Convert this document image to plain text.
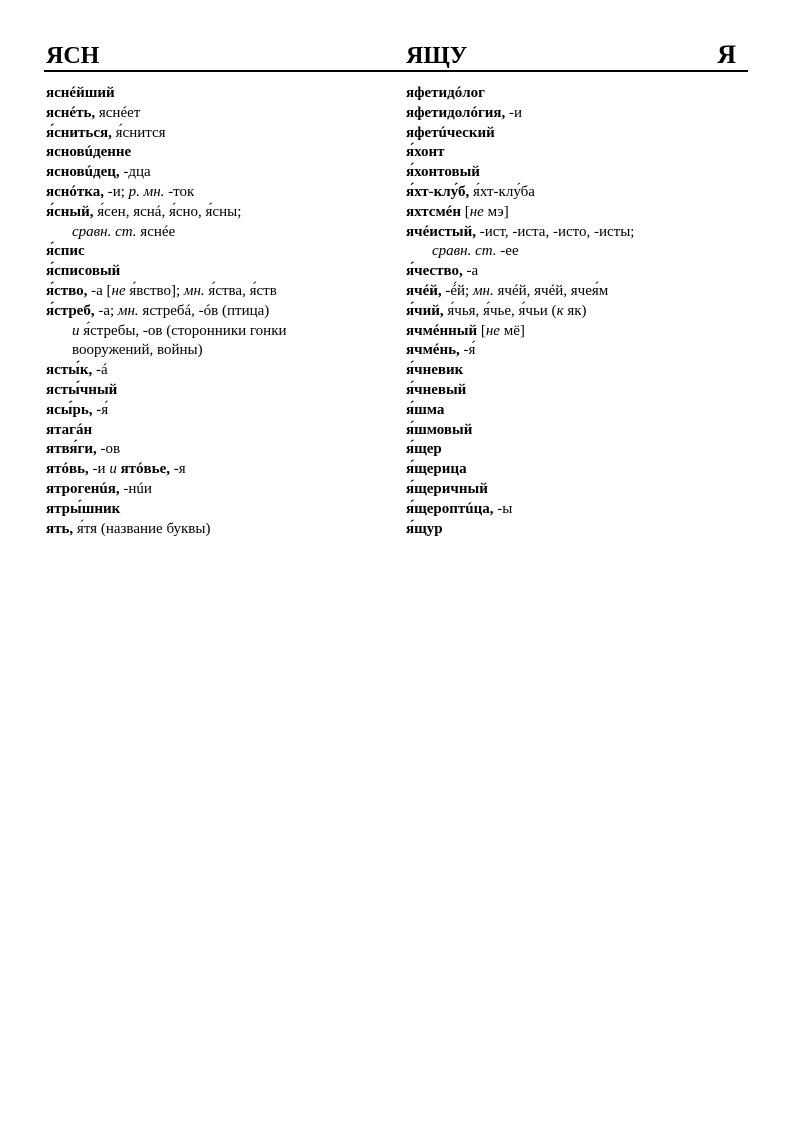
ЯСН	ЯЩУ	Я
яснéйший
яснéть, яснéет
я́сниться, я́снится
ясновúденне
ясновúдец, -дца
яснóтка, -и; р. мн. -ток
я́сный, я́сен, яснá, я́сно, я́сны;
сравн. ст. яснéе
я́спис
я́списовый
я́ство, -а [не я́вство]; мн. я́ства, я́ств
я́стреб, -а; мн. ястребá, -óв (птица)
и я́стребы, -ов (сторонники гонки
вооружений, войны)
ясты́к, -á
ясты́чный
ясы́рь, -я́
ятагáн
ятвя́ги, -ов
ятóвь, -и и ятóвье, -я
ятрогенúя, -нúи
ятры́шник
ять, я́тя (название буквы)
яфетидóлог
яфетидолóгия, -и
яфетúческий
я́хонт
я́хонтовый
я́хт-клу́б, я́хт-клу́ба
яхтсмéн [не мэ]
ячéистый, -ист, -иста, -исто, -исты;
сравн. ст. -ее
я́чество, -а
ячéй, -é́й; мн. ячéй, ячéй, ячея́м
я́чий, я́чья, я́чье, я́чьи (к як)
ячмéнный [не мё]
ячмéнь, -я́
я́чневик
я́чневый
я́шма
я́шмовый
я́щер
я́щерица
я́щеричный
я́щероптúца, -ы
я́щур
